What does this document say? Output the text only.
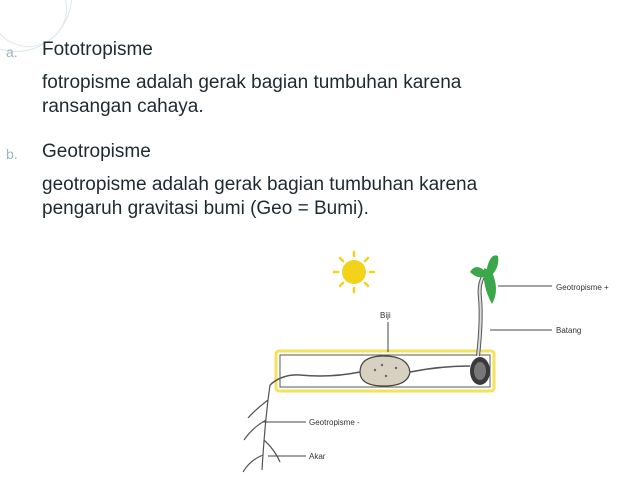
a. Fototropisme
fotropisme adalah gerak bagian tumbuhan karena
ransangan cahaya.
b. Geotropisme
geotropisme adalah gerak bagian tumbuhan karena
pengaruh gravitasi bumi (Geo = Bumi).
Geotropisme +
Biji
Batang
Geotropisme -
Akar
